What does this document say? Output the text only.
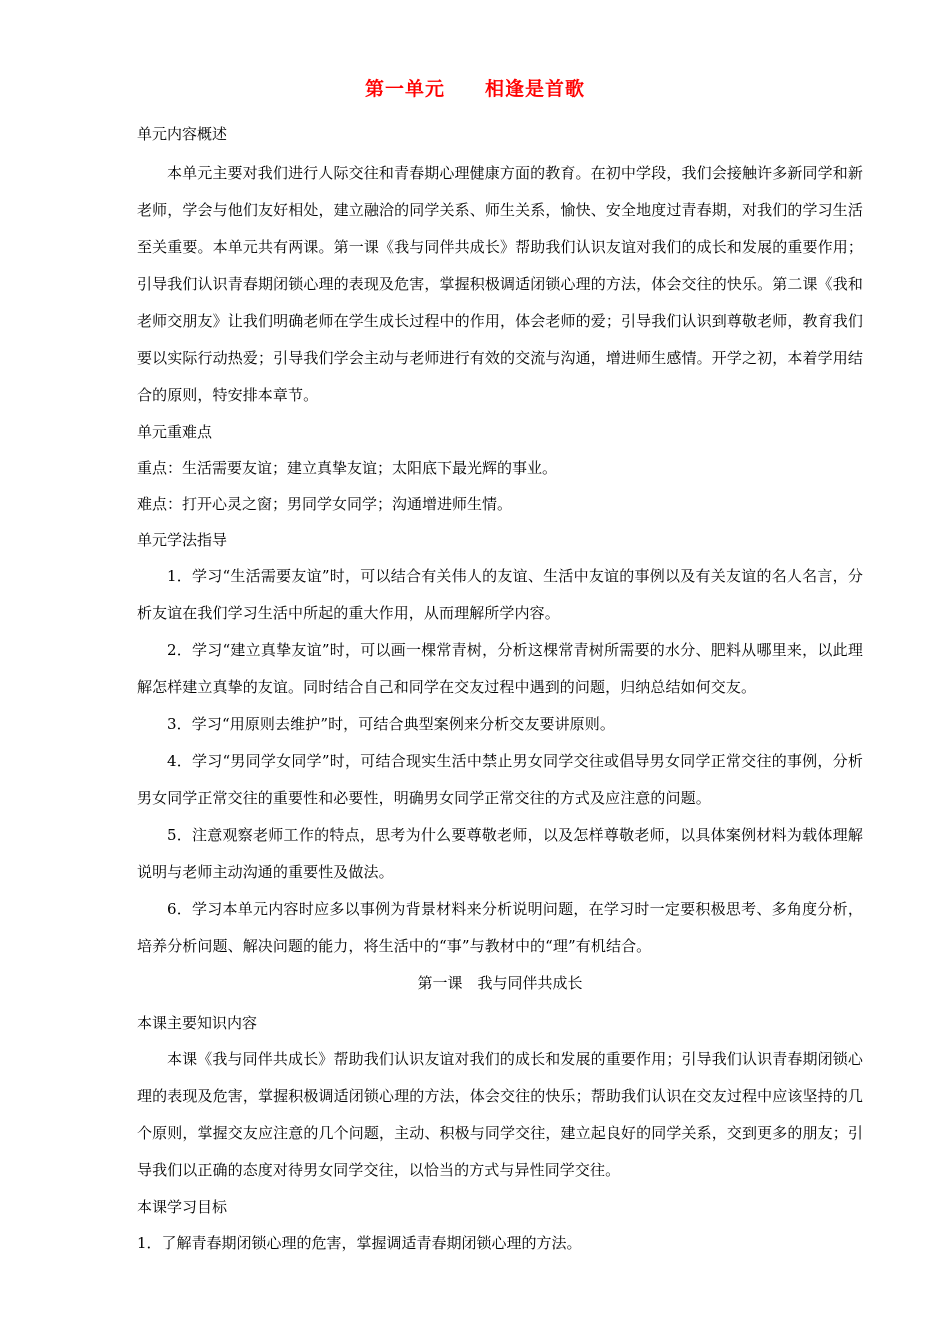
第一单元　　相逢是首歌
单元内容概述

本单元主要对我们进行人际交往和青春期心理健康方面的教育。在初中学段，我们会接触许多新同学和新老师，学会与他们友好相处，建立融洽的同学关系、师生关系，愉快、安全地度过青春期，对我们的学习生活至关重要。本单元共有两课。第一课《我与同伴共成长》帮助我们认识友谊对我们的成长和发展的重要作用；引导我们认识青春期闭锁心理的表现及危害，掌握积极调适闭锁心理的方法，体会交往的快乐。第二课《我和老师交朋友》让我们明确老师在学生成长过程中的作用，体会老师的爱；引导我们认识到尊敬老师，教育我们要以实际行动热爱；引导我们学会主动与老师进行有效的交流与沟通，增进师生感情。开学之初，本着学用结合的原则，特安排本章节。

单元重难点
重点：生活需要友谊；建立真挚友谊；太阳底下最光辉的事业。
难点：打开心灵之窗；男同学女同学；沟通增进师生情。
单元学法指导

1．学习“生活需要友谊”时，可以结合有关伟人的友谊、生活中友谊的事例以及有关友谊的名人名言，分析友谊在我们学习生活中所起的重大作用，从而理解所学内容。

2．学习“建立真挚友谊”时，可以画一棵常青树，分析这棵常青树所需要的水分、肥料从哪里来，以此理解怎样建立真挚的友谊。同时结合自己和同学在交友过程中遇到的问题，归纳总结如何交友。

3．学习“用原则去维护”时，可结合典型案例来分析交友要讲原则。

4．学习“男同学女同学”时，可结合现实生活中禁止男女同学交往或倡导男女同学正常交往的事例，分析男女同学正常交往的重要性和必要性，明确男女同学正常交往的方式及应注意的问题。

5．注意观察老师工作的特点，思考为什么要尊敬老师，以及怎样尊敬老师，以具体案例材料为载体理解说明与老师主动沟通的重要性及做法。

6．学习本单元内容时应多以事例为背景材料来分析说明问题，在学习时一定要积极思考、多角度分析，培养分析问题、解决问题的能力，将生活中的“事”与教材中的“理”有机结合。

第一课　我与同伴共成长
本课主要知识内容

本课《我与同伴共成长》帮助我们认识友谊对我们的成长和发展的重要作用；引导我们认识青春期闭锁心理的表现及危害，掌握积极调适闭锁心理的方法，体会交往的快乐；帮助我们认识在交友过程中应该坚持的几个原则，掌握交友应注意的几个问题，主动、积极与同学交往，建立起良好的同学关系，交到更多的朋友；引导我们以正确的态度对待男女同学交往，以恰当的方式与异性同学交往。

本课学习目标
1．了解青春期闭锁心理的危害，掌握调适青春期闭锁心理的方法。
